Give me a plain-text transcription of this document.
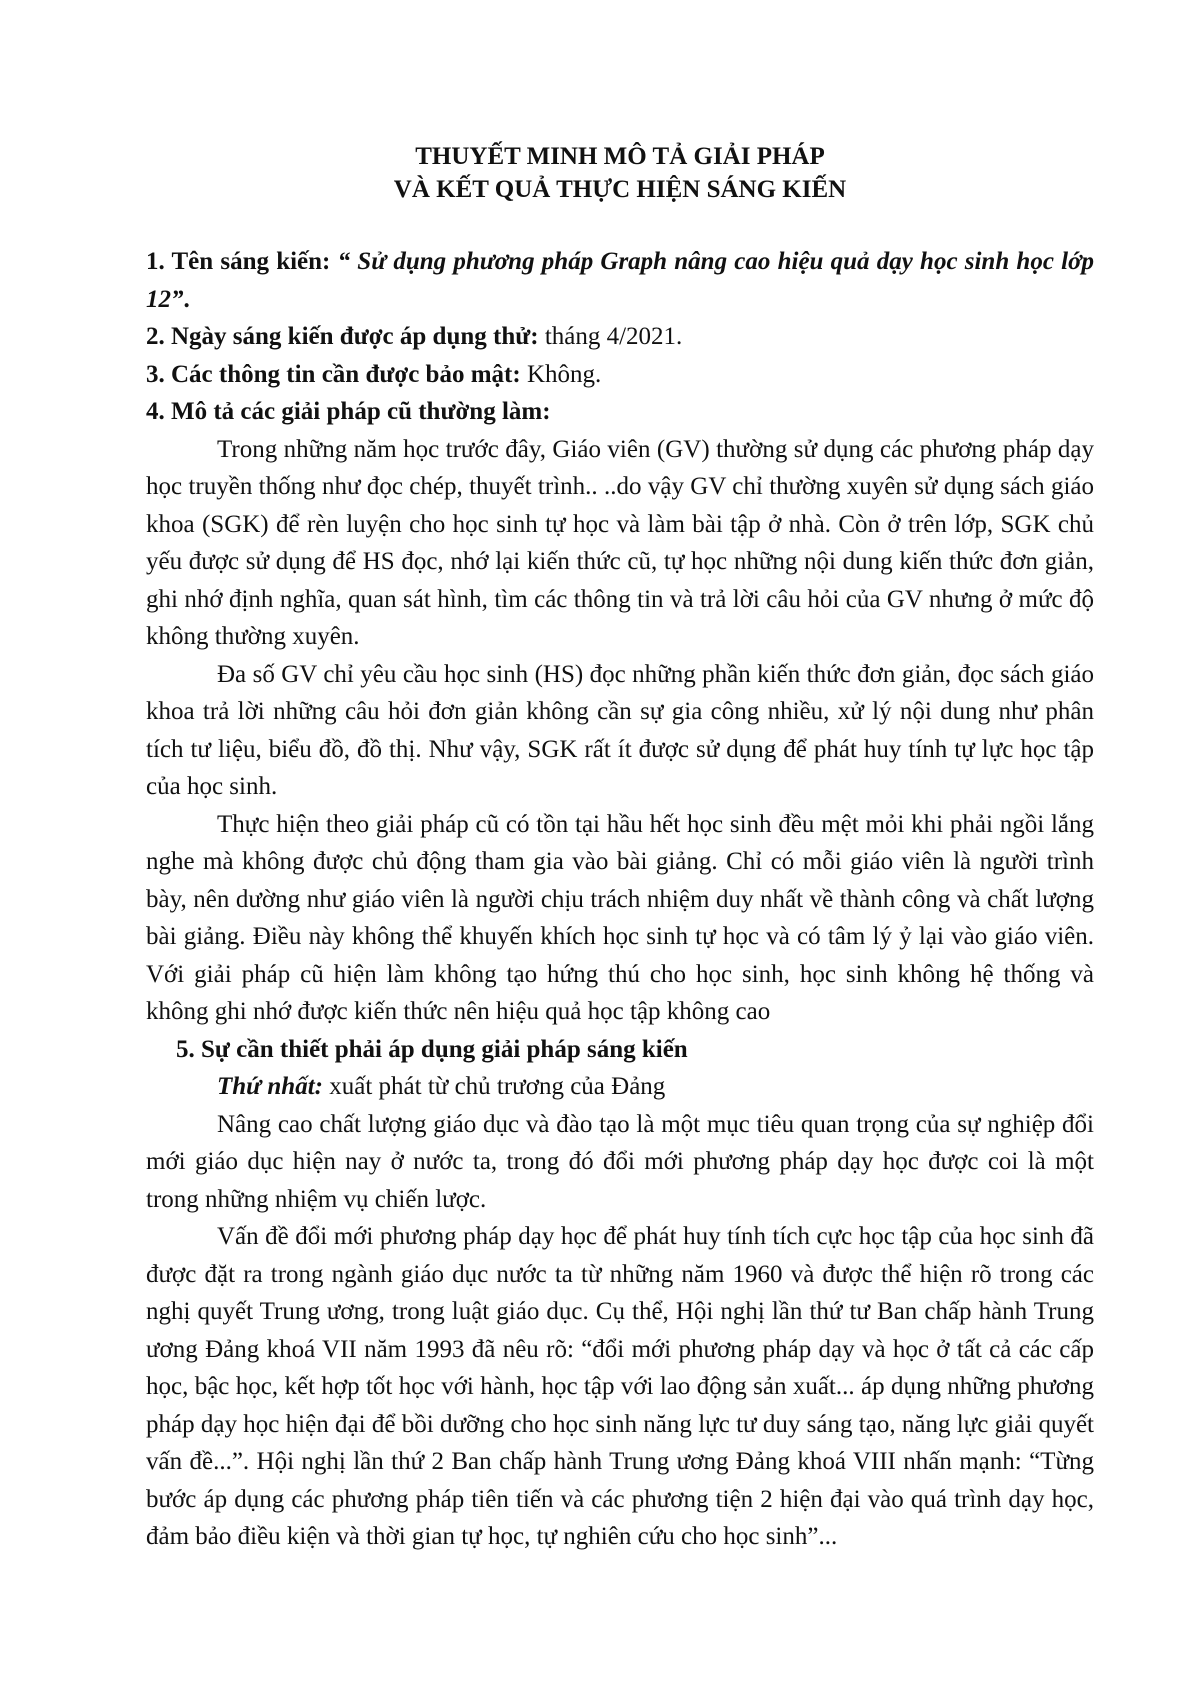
THUYẾT MINH MÔ TẢ GIẢI PHÁP

VÀ KẾT QUẢ THỰC HIỆN SÁNG KIẾN

1. Tên sáng kiến: “ Sử dụng phương pháp Graph nâng cao hiệu quả dạy học sinh học lớp 12”.

2. Ngày sáng kiến được áp dụng thử: tháng 4/2021.

3. Các thông tin cần được bảo mật: Không.

4. Mô tả các giải pháp cũ thường làm:

Trong những năm học trước đây, Giáo viên (GV) thường sử dụng các phương pháp dạy học truyền thống như đọc chép, thuyết trình.. ..do vậy GV chỉ thường xuyên sử dụng sách giáo khoa (SGK) để rèn luyện cho học sinh tự học và làm bài tập ở nhà. Còn ở trên lớp, SGK chủ yếu được sử dụng để HS đọc, nhớ lại kiến thức cũ, tự học những nội dung kiến thức đơn giản, ghi nhớ định nghĩa, quan sát hình, tìm các thông tin và trả lời câu hỏi của GV nhưng ở mức độ không thường xuyên.

Đa số GV chỉ yêu cầu học sinh (HS) đọc những phần kiến thức đơn giản, đọc sách giáo khoa trả lời những câu hỏi đơn giản không cần sự gia công nhiều, xử lý nội dung như phân tích tư liệu, biểu đồ, đồ thị. Như vậy, SGK rất ít được sử dụng để phát huy tính tự lực học tập của học sinh.

Thực hiện theo giải pháp cũ có tồn tại hầu hết học sinh đều mệt mỏi khi phải ngồi lắng nghe mà không được chủ động tham gia vào bài giảng. Chỉ có mỗi giáo viên là người trình bày, nên dường như giáo viên là người chịu trách nhiệm duy nhất về thành công và chất lượng bài giảng. Điều này không thể khuyến khích học sinh tự học và có tâm lý ỷ lại vào giáo viên. Với giải pháp cũ hiện làm không tạo hứng thú cho học sinh, học sinh không hệ thống và không ghi nhớ được kiến thức nên hiệu quả học tập không cao

5. Sự cần thiết phải áp dụng giải pháp sáng kiến

Thứ nhất: xuất phát từ chủ trương của Đảng

Nâng cao chất lượng giáo dục và đào tạo là một mục tiêu quan trọng của sự nghiệp đổi mới giáo dục hiện nay ở nước ta, trong đó đổi mới phương pháp dạy học được coi là một trong những nhiệm vụ chiến lược.

Vấn đề đổi mới phương pháp dạy học để phát huy tính tích cực học tập của học sinh đã được đặt ra trong ngành giáo dục nước ta từ những năm 1960 và được thể hiện rõ trong các nghị quyết Trung ương, trong luật giáo dục. Cụ thể, Hội nghị lần thứ tư Ban chấp hành Trung ương Đảng khoá VII năm 1993 đã nêu rõ: “đổi mới phương pháp dạy và học ở tất cả các cấp học, bậc học, kết hợp tốt học với hành, học tập với lao động sản xuất... áp dụng những phương pháp dạy học hiện đại để bồi dưỡng cho học sinh năng lực tư duy sáng tạo, năng lực giải quyết vấn đề...”. Hội nghị lần thứ 2 Ban chấp hành Trung ương Đảng khoá VIII nhấn mạnh: “Từng bước áp dụng các phương pháp tiên tiến và các phương tiện 2 hiện đại vào quá trình dạy học, đảm bảo điều kiện và thời gian tự học, tự nghiên cứu cho học sinh”...
